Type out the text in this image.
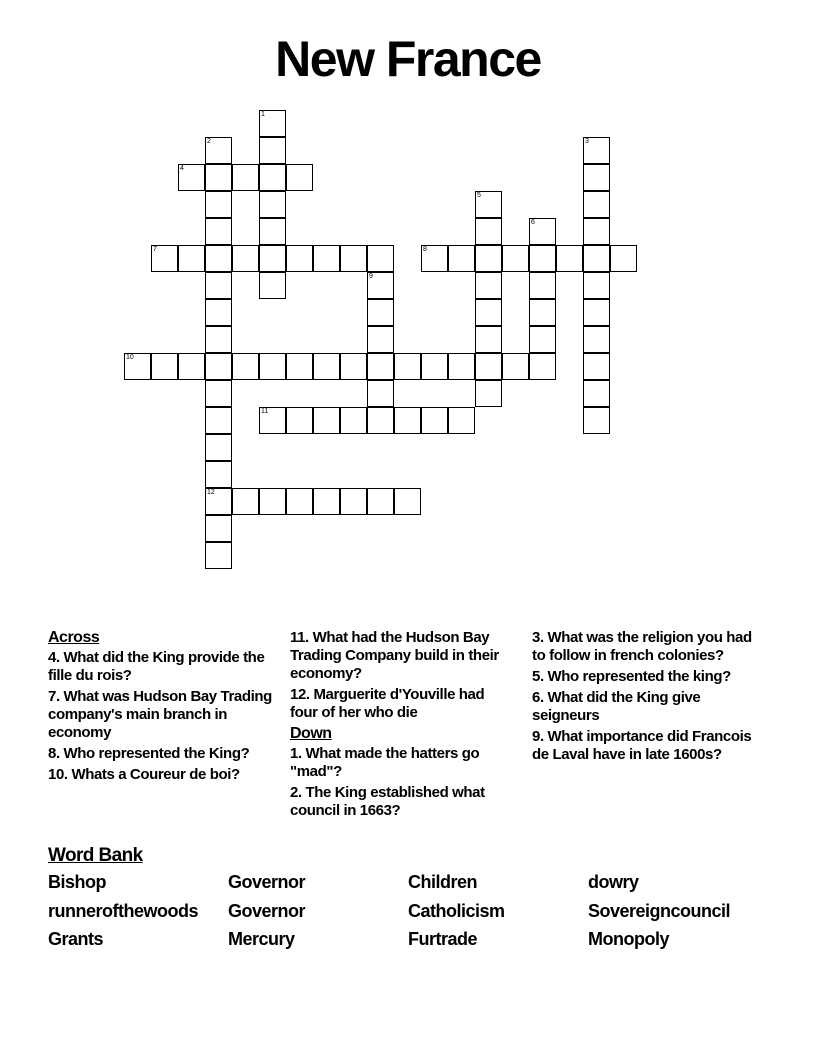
New France
4
7	8
10
11
12
1
2	3
5
6
9
Across
4. What did the King provide the fille du rois?
7. What was Hudson Bay Trading company's main branch in economy
8. Who represented the King?
10. Whats a Coureur de boi?
11. What had the Hudson Bay Trading Company build in their economy?
12. Marguerite d'Youville had four of her who die
Down
1. What made the hatters go "mad"?
2. The King established what council in 1663?
3. What was the religion you had to follow in french colonies?
5. Who represented the king?
6. What did the King give seigneurs
9. What importance did Francois de Laval have in late 1600s?
Word Bank
Bishop	Governor	Children	dowry
runnerofthewoods	Governor	Catholicism	Sovereigncouncil
Grants	Mercury	Furtrade	Monopoly
